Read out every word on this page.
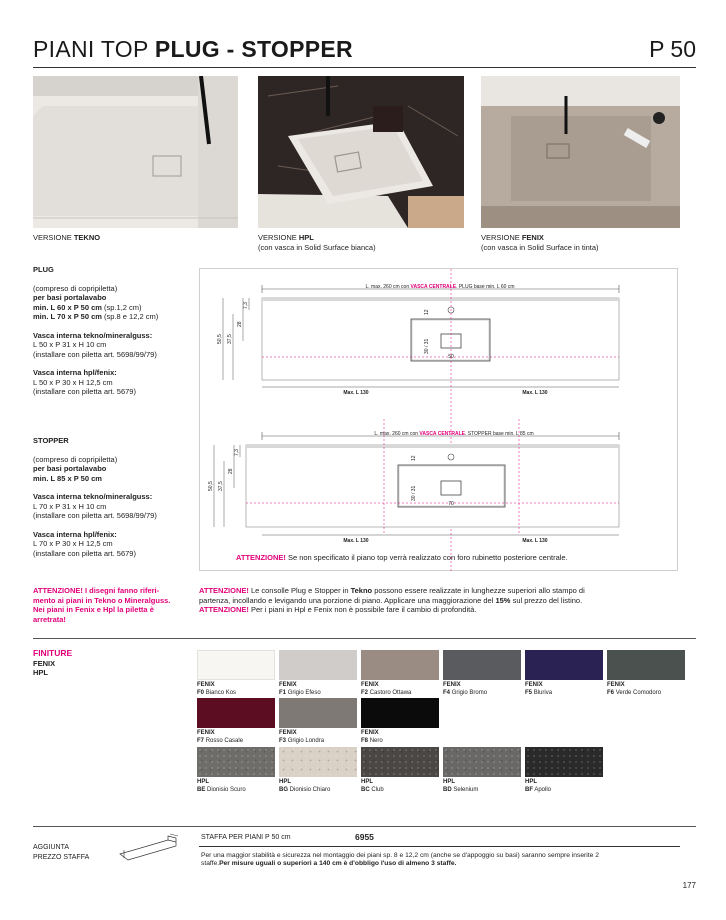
PIANI TOP PLUG - STOPPER	P 50
VERSIONE TEKNO	VERSIONE HPL
(con vasca in Solid Surface bianca)
VERSIONE FENIX
(con vasca in Solid Surface in tinta)
PLUG
(compreso di copripiletta)
per basi portalavabo
min. L 60 x P 50 cm (sp.1,2 cm)
min. L 70 x P 50 cm (sp.8 e 12,2 cm)
Vasca interna tekno/mineralguss:
L 50 x P 31 x H 10 cm
(installare con piletta art. 5698/99/79)
Vasca interna hpl/fenix:
L 50 x P 30 x H 12,5 cm
(installare con piletta art. 5679)
STOPPER
(compreso di copripiletta)
per basi portalavabo
min. L 85 x P 50 cm
Vasca interna tekno/mineralguss:
L 70 x P 31 x H 10 cm
(installare con piletta art. 5698/99/79)
Vasca interna hpl/fenix:
L 70 x P 30 x H 12,5 cm
(installare con piletta art. 5679)
L. max. 260 cm con VASCA CENTRALE. PLUG base min. L 60 cm
50,5 37,5
28
7,3
12
30 / 31
50
Max. L 130	Max. L 130
L. max. 260 cm con VASCA CENTRALE. STOPPER base min. L 85 cm
50,5 37,5
28
7,3
12
30 / 31
70
Max. L 130	Max. L 130
ATTENZIONE! Se non specificato il piano top verrà realizzato con foro rubinetto posteriore centrale.
ATTENZIONE! I disegni fanno riferi-
mento ai piani in Tekno o Mineralguss.
Nei piani in Fenix e Hpl la piletta è
arretrata!
ATTENZIONE! Le consolle Plug e Stopper in Tekno possono essere realizzate in lunghezze superiori allo stampo di
partenza, incollando e levigando una porzione di piano. Applicare una maggiorazione del 15% sul prezzo del listino.
ATTENZIONE! Per i piani in Hpl e Fenix non è possibile fare il cambio di profondità.
FINITURE
FENIX
HPL
FENIX
F0 Bianco Kos
FENIX
F1 Grigio Efeso
FENIX
F2 Castoro Ottawa
FENIX
F4 Grigio Bromo
FENIX
F5 Bluriva
FENIX
F6 Verde Comodoro
FENIX
F7 Rosso Casale
FENIX
F3 Grigio Londra
FENIX
F8 Nero
HPL
BE Dionisio Scuro
HPL
BG Dionisio Chiaro
HPL
BC Club
HPL
BD Selenium
HPL
BF Apollo
AGGIUNTA
PREZZO STAFFA
STAFFA PER PIANI P 50 cm	6955
Per una maggior stabilità e sicurezza nel montaggio dei piani sp. 8 e 12,2 cm (anche se d'appoggio su basi) saranno sempre inserite 2
staffe.Per misure uguali o superiori a 140 cm è d'obbligo l'uso di almeno 3 staffe.
177
